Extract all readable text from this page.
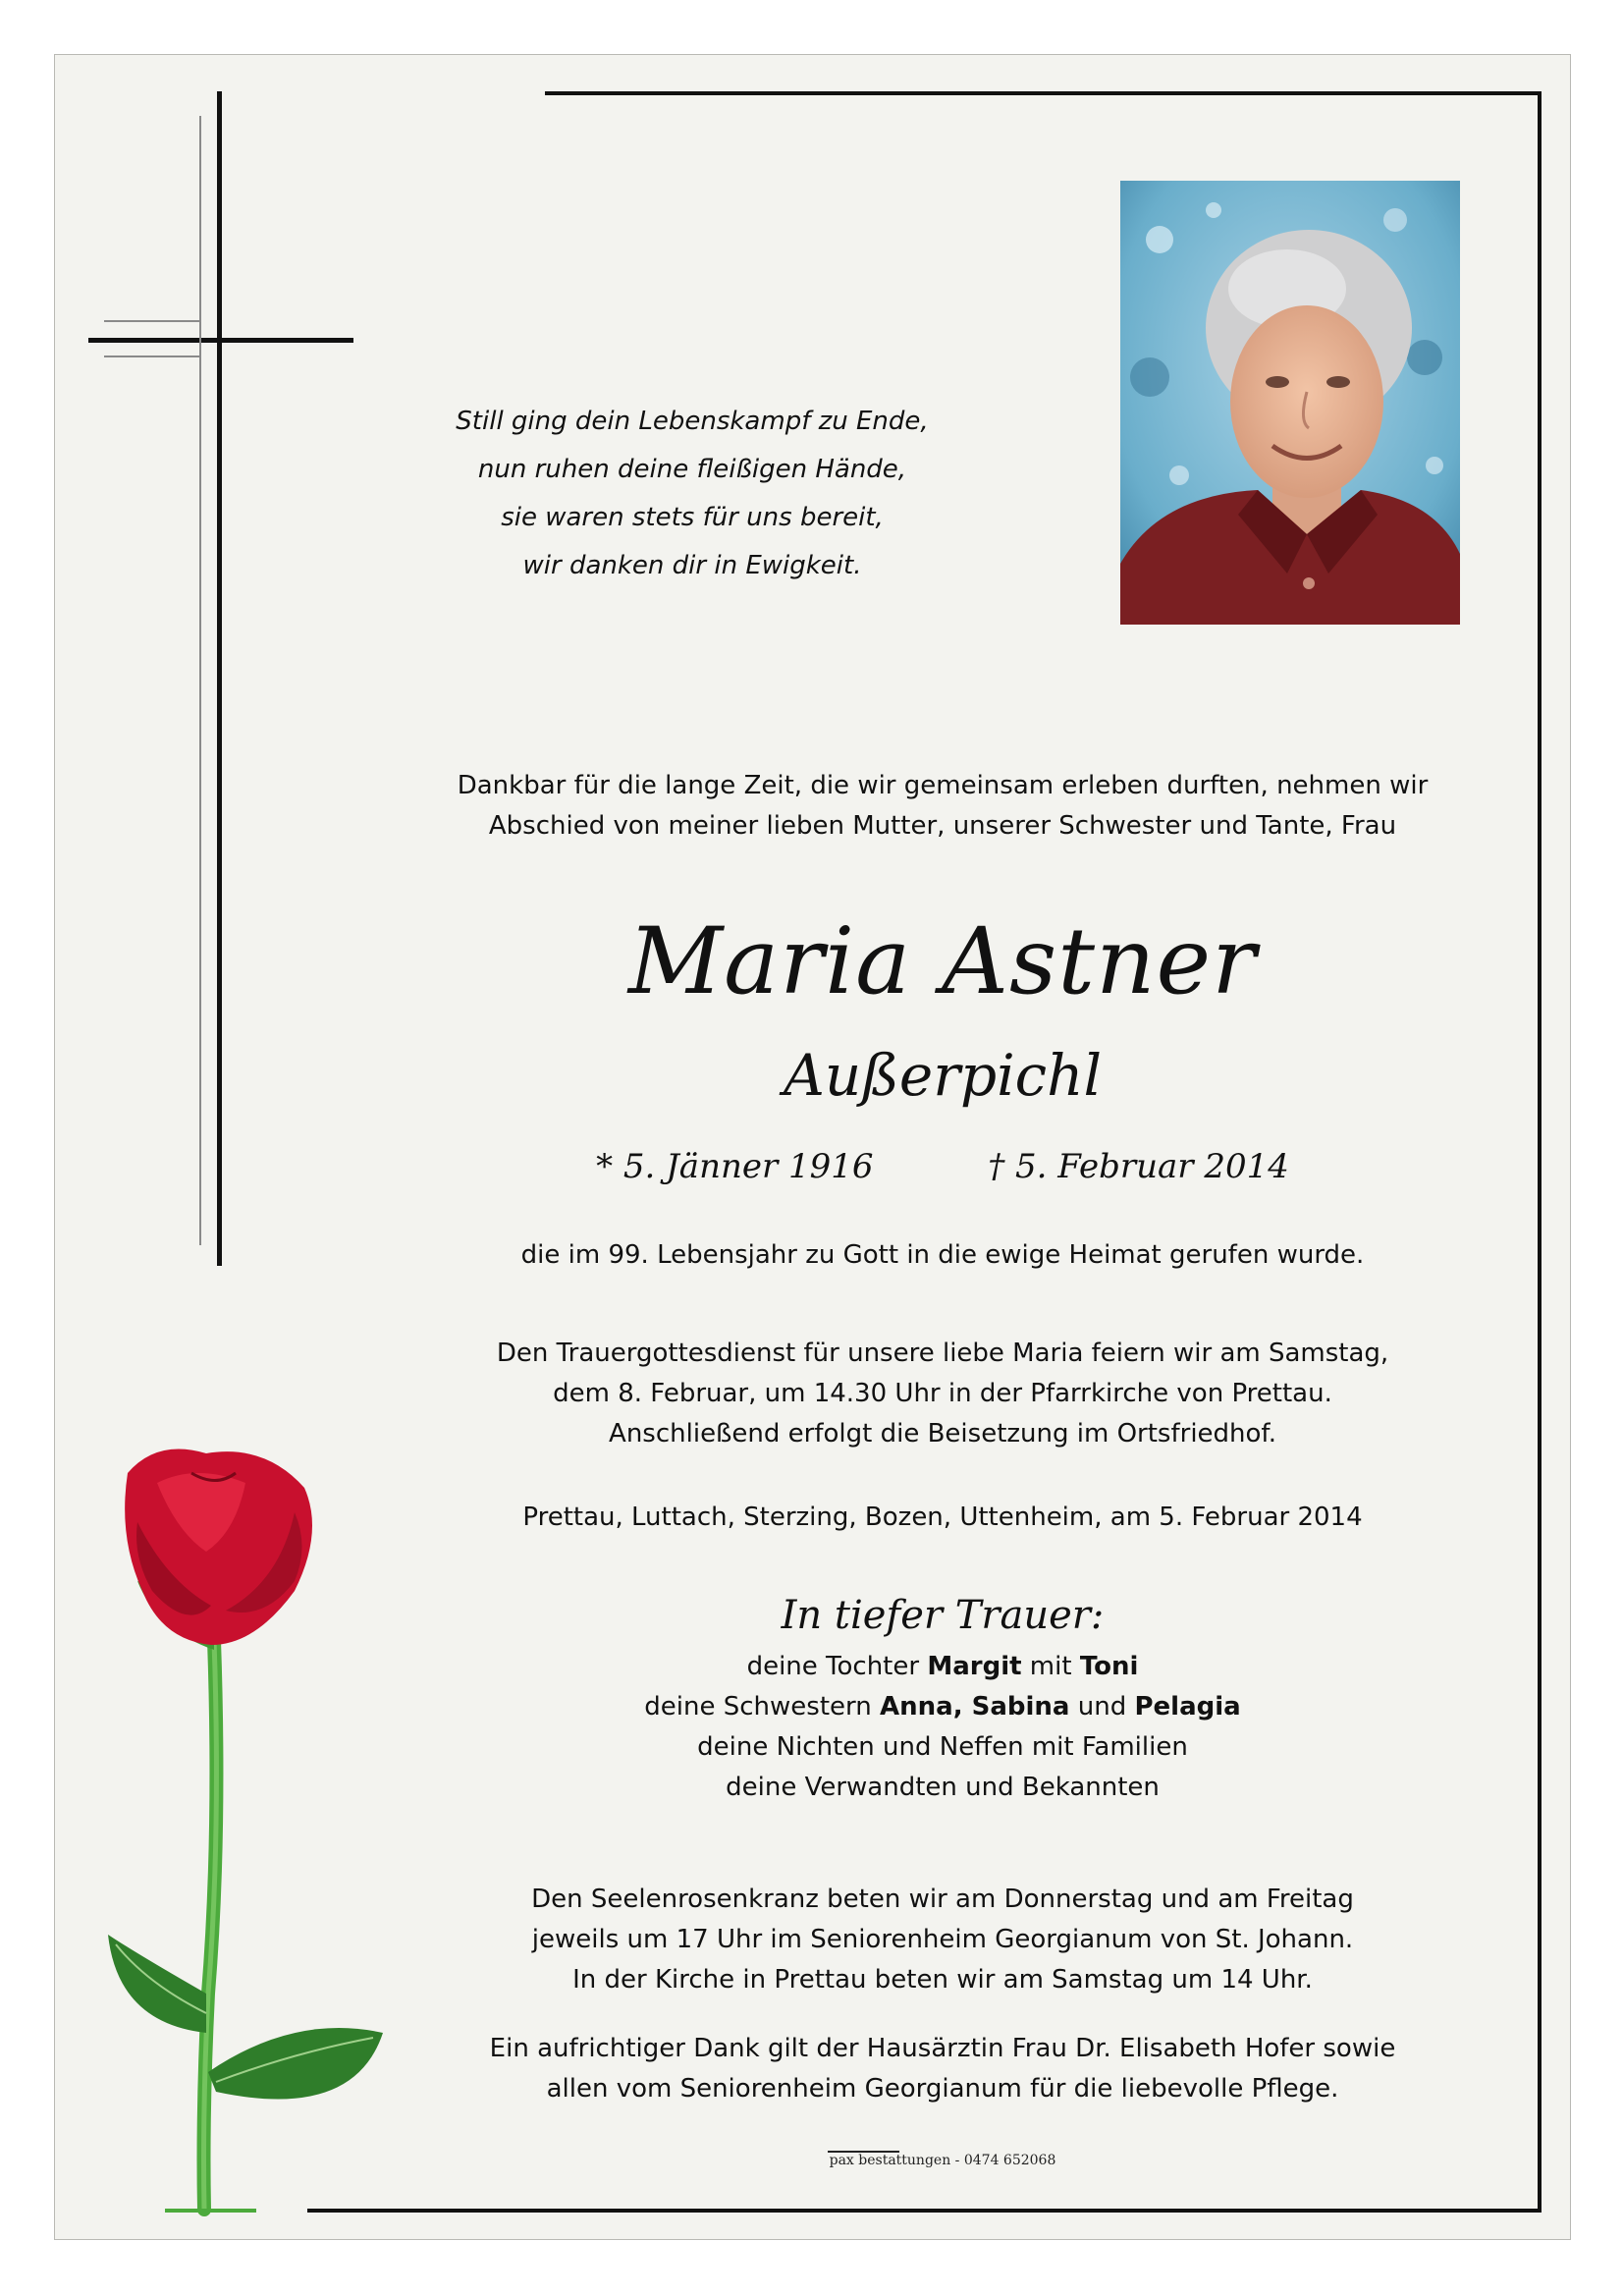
Still ging dein Lebenskampf zu Ende,
nun ruhen deine fleißigen Hände,
sie waren stets für uns bereit,
wir danken dir in Ewigkeit.
Dankbar für die lange Zeit, die wir gemeinsam erleben durften, nehmen wir
Abschied von meiner lieben Mutter, unserer Schwester und Tante, Frau
Maria Astner
Außerpichl
* 5. Jänner 1916	† 5. Februar 2014
die im 99. Lebensjahr zu Gott in die ewige Heimat gerufen wurde.
Den Trauergottesdienst für unsere liebe Maria feiern wir am Samstag,
dem 8. Februar, um 14.30 Uhr in der Pfarrkirche von Prettau.
Anschließend erfolgt die Beisetzung im Ortsfriedhof.
Prettau, Luttach, Sterzing, Bozen, Uttenheim, am 5. Februar 2014
In tiefer Trauer:
deine Tochter Margit mit Toni
deine Schwestern Anna, Sabina und Pelagia
deine Nichten und Neffen mit Familien
deine Verwandten und Bekannten
Den Seelenrosenkranz beten wir am Donnerstag und am Freitag
jeweils um 17 Uhr im Seniorenheim Georgianum von St. Johann.
In der Kirche in Prettau beten wir am Samstag um 14 Uhr.
Ein aufrichtiger Dank gilt der Hausärztin Frau Dr. Elisabeth Hofer sowie
allen vom Seniorenheim Georgianum für die liebevolle Pflege.
pax bestattungen - 0474 652068
